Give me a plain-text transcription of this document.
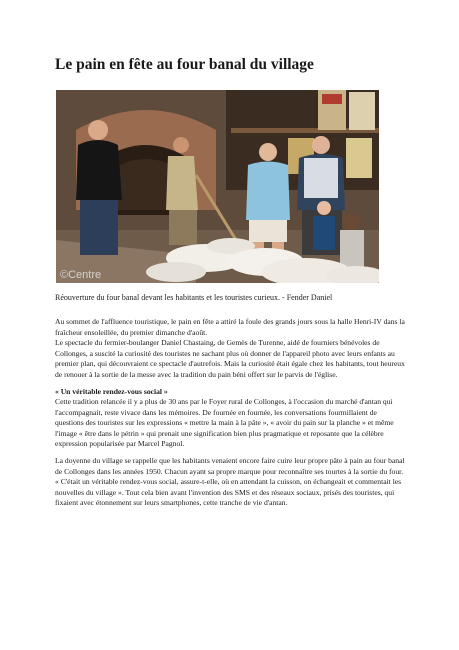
Le pain en fête au four banal du village
©Centre
Réouverture du four banal devant les habitants et les touristes curieux. - Fender Daniel

Au sommet de l'affluence touristique, le pain en fête a attiré la foule des grands jours sous la halle Henri-IV dans la fraîcheur ensoleillée, du premier dimanche d'août.

Le spectacle du fermier-boulanger Daniel Chastaing, de Gemès de Turenne, aidé de fourniers bénévoles de Collonges, a suscité la curiosité des touristes ne sachant plus où donner de l'appareil photo avec leurs enfants au premier plan, qui découvraient ce spectacle d'autrefois. Mais la curiosité était égale chez les habitants, tout heureux de renouer à la sortie de la messe avec la tradition du pain béni offert sur le parvis de l'église.

« Un véritable rendez-vous social »
Cette tradition relancée il y a plus de 30 ans par le Foyer rural de Collonges, à l'occasion du marché d'antan qui l'accompagnait, reste vivace dans les mémoires. De fournée en fournée, les conversations fourmillaient de questions des touristes sur les expressions « mettre la main à la pâte », « avoir du pain sur la planche » et même l'image « être dans le pétrin » qui prenait une signification bien plus pragmatique et reposante que la célèbre expression popularisée par Marcel Pagnol.

La doyenne du village se rappelle que les habitants venaient encore faire cuire leur propre pâte à pain au four banal de Collonges dans les années 1950. Chacun ayant sa propre marque pour reconnaître ses tourtes à la sortie du four. « C'était un véritable rendez-vous social, assure-t-elle, où en attendant la cuisson, on échangeait et commentait les nouvelles du village ». Tout cela bien avant l'invention des SMS et des réseaux sociaux, prisés des touristes, qui fixaient avec étonnement sur leurs smartphones, cette tranche de vie d'antan.
